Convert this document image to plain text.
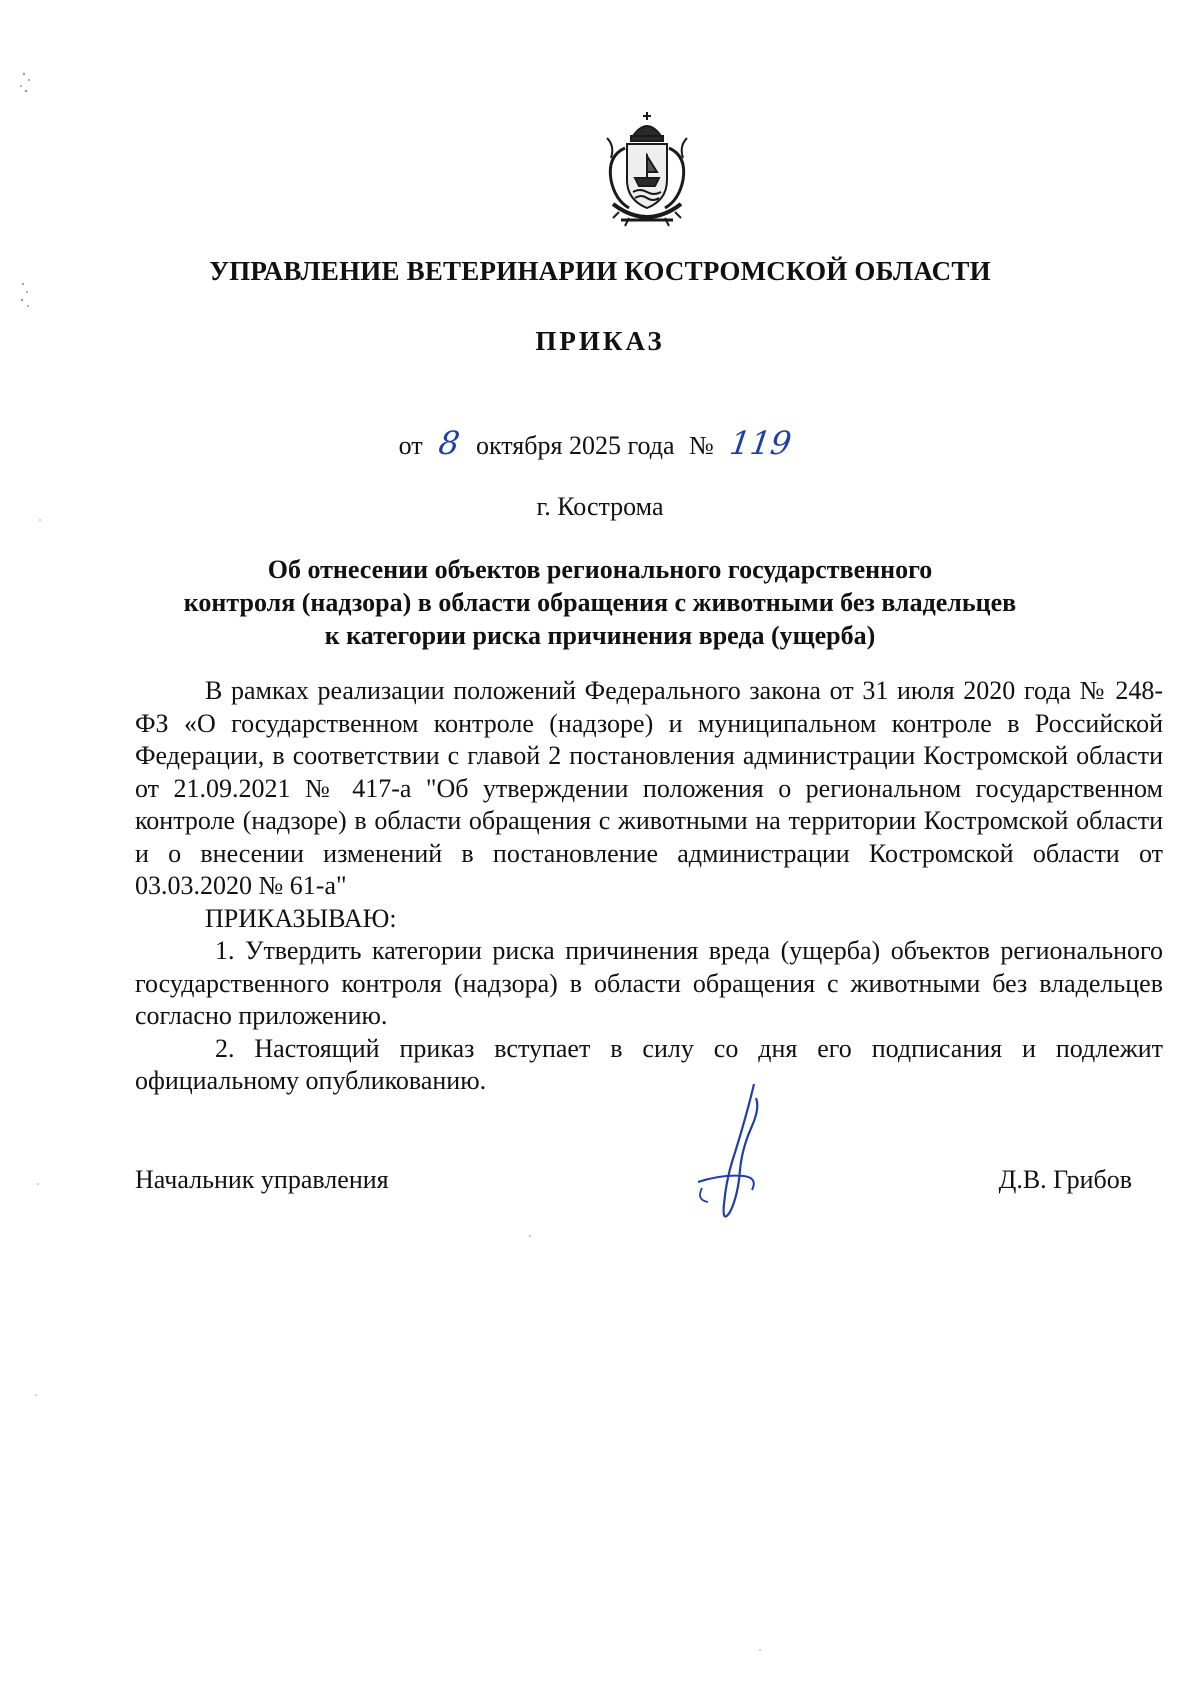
УПРАВЛЕНИЕ ВЕТЕРИНАРИИ КОСТРОМСКОЙ ОБЛАСТИ
ПРИКАЗ
от 8 октября 2025 года № 119
г. Кострома
Об отнесении объектов регионального государственного
контроля (надзора) в области обращения с животными без владельцев
к категории риска причинения вреда (ущерба)

В рамках реализации положений Федерального закона от 31 июля 2020 года № 248-ФЗ «О государственном контроле (надзоре) и муниципальном контроле в Российской Федерации, в соответствии с главой 2 постановления администрации Костромской области от 21.09.2021 № 417-а "Об утверждении положения о региональном государственном контроле (надзоре) в области обращения с животными на территории Костромской области и о внесении изменений в постановление администрации Костромской области от 03.03.2020 № 61-а"

ПРИКАЗЫВАЮ:

1. Утвердить категории риска причинения вреда (ущерба) объектов регионального государственного контроля (надзора) в области обращения с животными без владельцев согласно приложению.

2. Настоящий приказ вступает в силу со дня его подписания и подлежит официальному опубликованию.

Начальник управления	Д.В. Грибов
